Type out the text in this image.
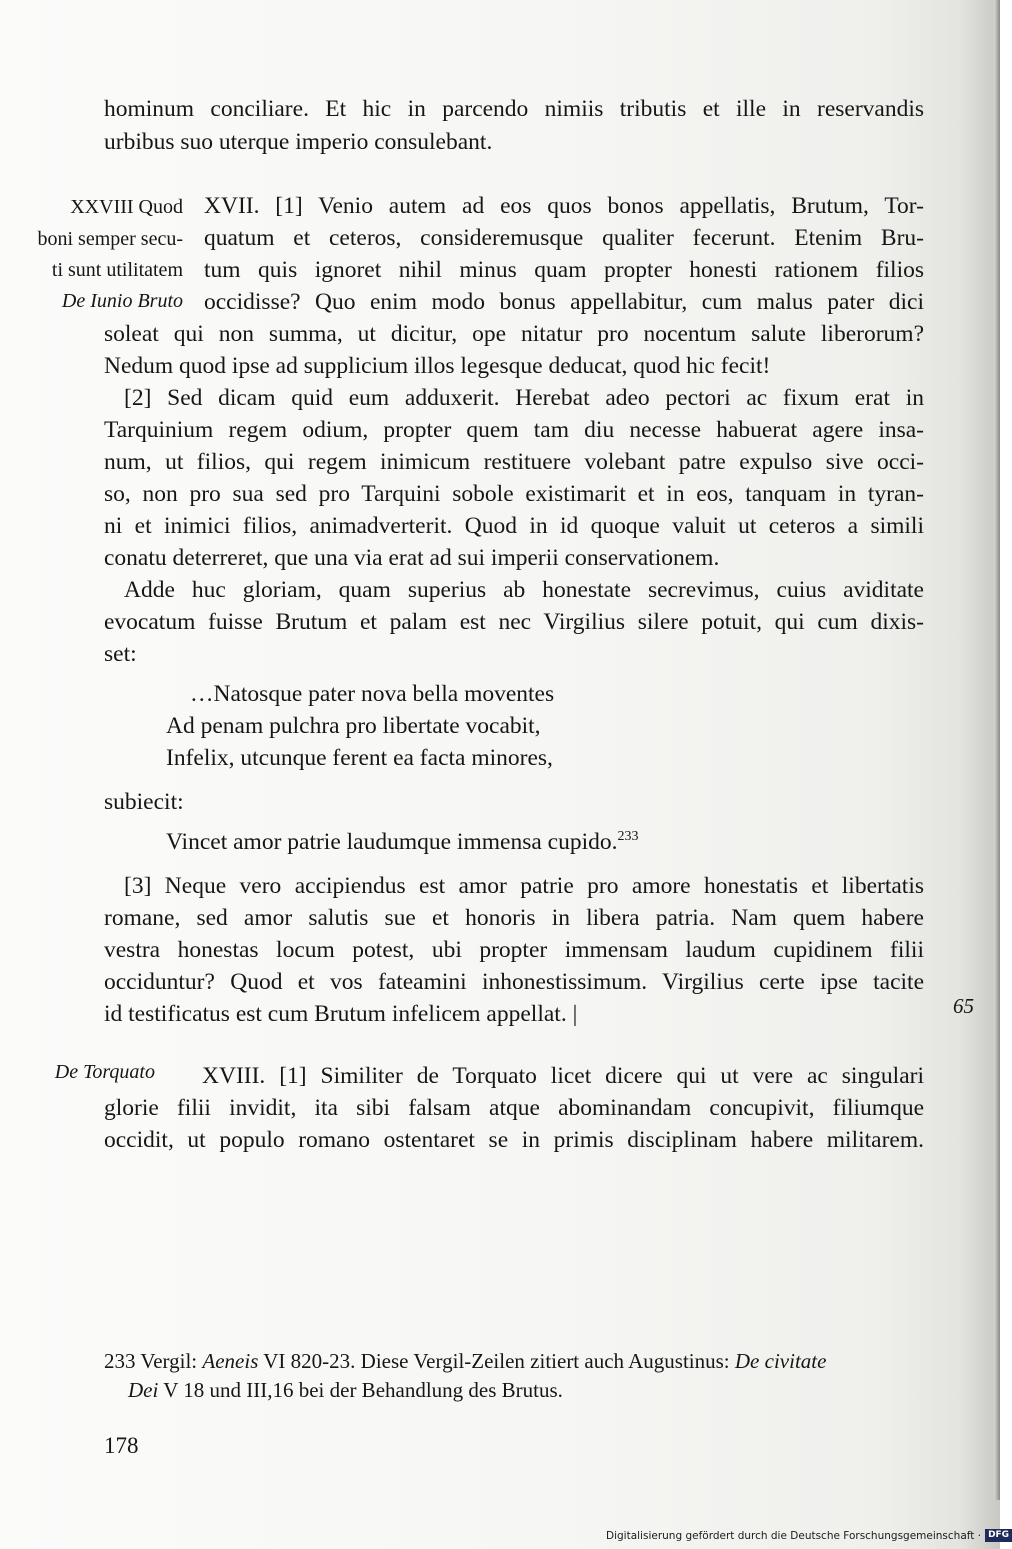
hominum conciliare. Et hic in parcendo nimiis tributis et ille in reservandis
urbibus suo uterque imperio consulebant.
XXVIII Quod
boni semper secu-
ti sunt utilitatem
De Iunio Bruto
XVII. [1] Venio autem ad eos quos bonos appellatis, Brutum, Tor-
quatum et ceteros, consideremusque qualiter fecerunt. Etenim Bru-
tum quis ignoret nihil minus quam propter honesti rationem filios
occidisse? Quo enim modo bonus appellabitur, cum malus pater dici
soleat qui non summa, ut dicitur, ope nitatur pro nocentum salute liberorum?
Nedum quod ipse ad supplicium illos legesque deducat, quod hic fecit!
[2] Sed dicam quid eum adduxerit. Herebat adeo pectori ac fixum erat in
Tarquinium regem odium, propter quem tam diu necesse habuerat agere insa-
num, ut filios, qui regem inimicum restituere volebant patre expulso sive occi-
so, non pro sua sed pro Tarquini sobole existimarit et in eos, tanquam in tyran-
ni et inimici filios, animadverterit. Quod in id quoque valuit ut ceteros a simili
conatu deterreret, que una via erat ad sui imperii conservationem.
Adde huc gloriam, quam superius ab honestate secrevimus, cuius aviditate
evocatum fuisse Brutum et palam est nec Virgilius silere potuit, qui cum dixis-
set:
…Natosque pater nova bella moventes
Ad penam pulchra pro libertate vocabit,
Infelix, utcunque ferent ea facta minores,
subiecit:
Vincet amor patrie laudumque immensa cupido.$^{233}$
[3] Neque vero accipiendus est amor patrie pro amore honestatis et libertatis
romane, sed amor salutis sue et honoris in libera patria. Nam quem habere
vestra honestas locum potest, ubi propter immensam laudum cupidinem filii
occiduntur? Quod et vos fateamini inhonestissimum. Virgilius certe ipse tacite
id testificatus est cum Brutum infelicem appellat. |	65
De Torquato XVIII. [1] Similiter de Torquato licet dicere qui ut vere ac singulari
glorie filii invidit, ita sibi falsam atque abominandam concupivit, filiumque
occidit, ut populo romano ostentaret se in primis disciplinam habere militarem.
233 Vergil: Aeneis VI 820-23. Diese Vergil-Zeilen zitiert auch Augustinus: De civitate
Dei V 18 und III,16 bei der Behandlung des Brutus.
178
Digitalisierung gefördert durch die Deutsche Forschungsgemeinschaft · DFG
